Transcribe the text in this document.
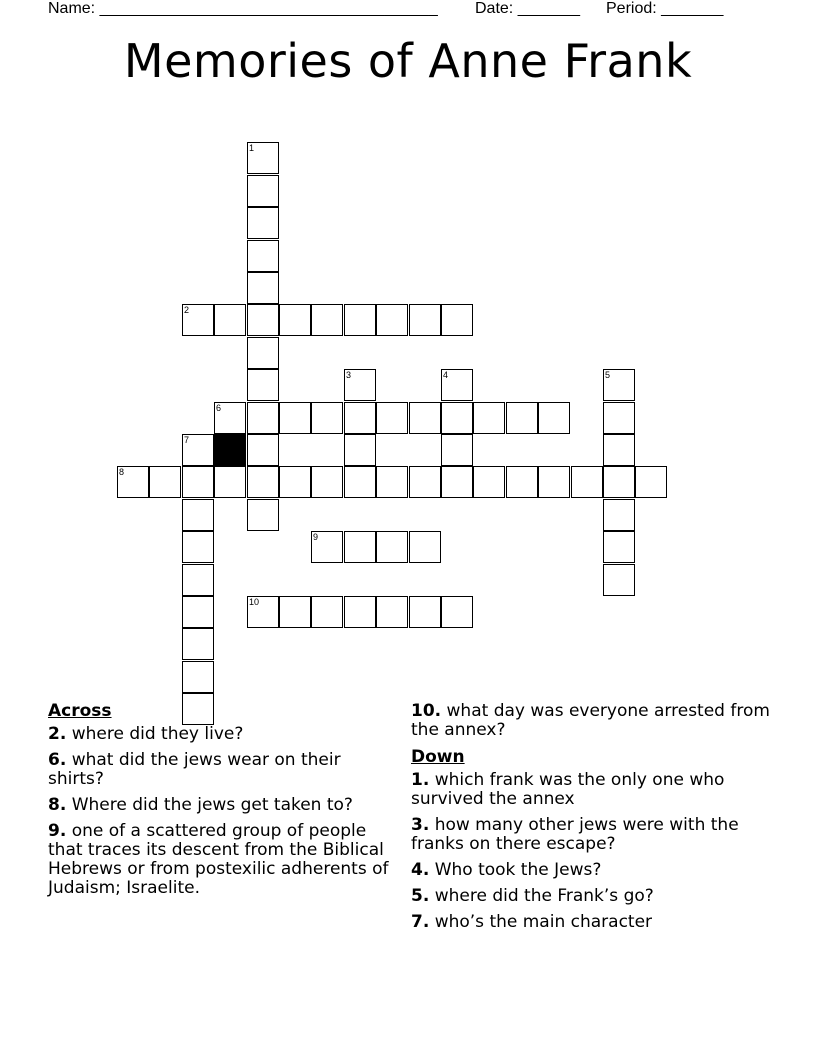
Name: ______________________________________ Date: _______ Period: _______
Memories of Anne Frank
1
2
3	4	5
6
7
8
9
10
Across
2. where did they live?
6. what did the jews wear on their shirts?
8. Where did the jews get taken to?
9. one of a scattered group of people that traces its descent from the Biblical Hebrews or from postexilic adherents of Judaism; Israelite.
10. what day was everyone arrested from the annex?
Down
1. which frank was the only one who survived the annex
3. how many other jews were with the franks on there escape?
4. Who took the Jews?
5. where did the Frank’s go?
7. who’s the main character
